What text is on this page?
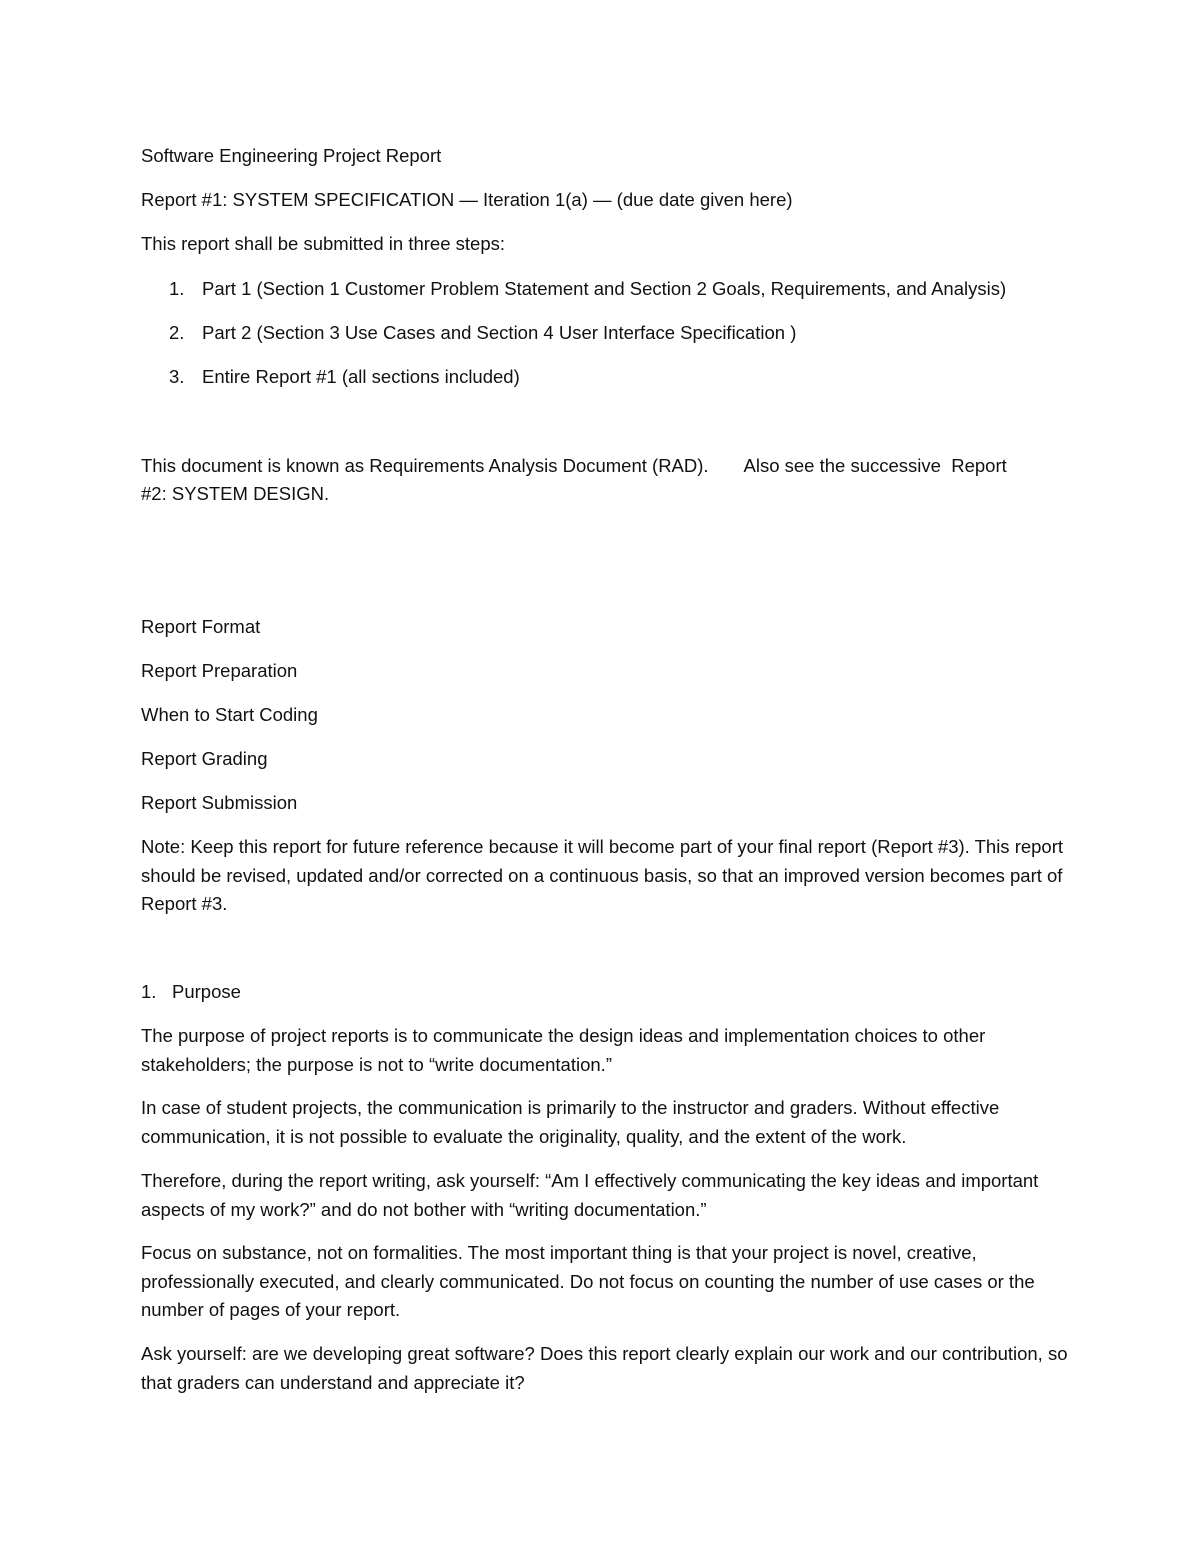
Software Engineering Project Report
Report #1: SYSTEM SPECIFICATION — Iteration 1(a) — (due date given here)
This report shall be submitted in three steps:
1. Part 1 (Section 1 Customer Problem Statement and Section 2 Goals, Requirements, and Analysis)
2. Part 2 (Section 3 Use Cases and Section 4 User Interface Specification )
3. Entire Report #1 (all sections included)
This document is known as Requirements Analysis Document (RAD).       Also see the successive  Report
#2: SYSTEM DESIGN.
Report Format
Report Preparation
When to Start Coding
Report Grading
Report Submission
Note: Keep this report for future reference because it will become part of your final report (Report #3). This report should be revised, updated and/or corrected on a continuous basis, so that an improved version becomes part of Report #3.
1. Purpose
The purpose of project reports is to communicate the design ideas and implementation choices to other stakeholders; the purpose is not to “write documentation.”
In case of student projects, the communication is primarily to the instructor and graders. Without effective communication, it is not possible to evaluate the originality, quality, and the extent of the work.
Therefore, during the report writing, ask yourself: “Am I effectively communicating the key ideas and important aspects of my work?” and do not bother with “writing documentation.”
Focus on substance, not on formalities. The most important thing is that your project is novel, creative, professionally executed, and clearly communicated. Do not focus on counting the number of use cases or the number of pages of your report.
Ask yourself: are we developing great software? Does this report clearly explain our work and our contribution, so that graders can understand and appreciate it?
